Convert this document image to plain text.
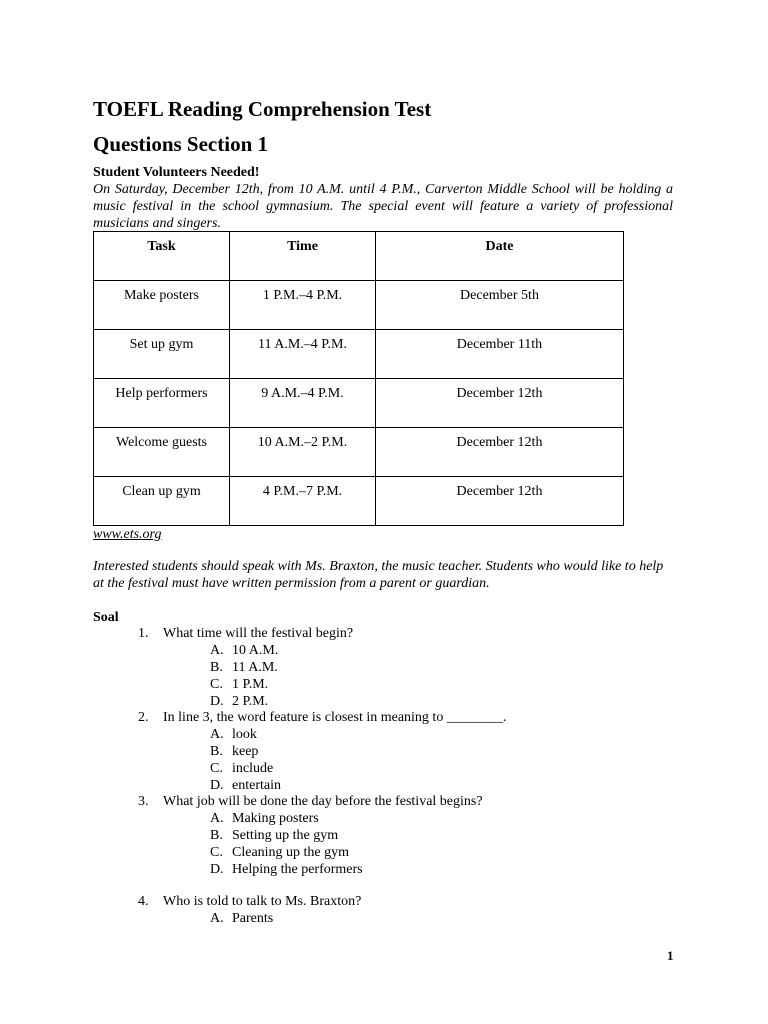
TOEFL Reading Comprehension Test
Questions Section 1
Student Volunteers Needed!

On Saturday, December 12th, from 10 A.M. until 4 P.M., Carverton Middle School will be holding a music festival in the school gymnasium. The special event will feature a variety of professional musicians and singers.

Task	Time	Date
Make posters	1 P.M.–4 P.M.	December 5th
Set up gym	11 A.M.–4 P.M.	December 11th
Help performers	9 A.M.–4 P.M.	December 12th
Welcome guests	10 A.M.–2 P.M.	December 12th
Clean up gym	4 P.M.–7 P.M.	December 12th
www.ets.org

Interested students should speak with Ms. Braxton, the music teacher. Students who would like to help at the festival must have written permission from a parent or guardian.

Soal
1. What time will the festival begin?
A. 10 A.M.
B. 11 A.M.
C. 1 P.M.
D. 2 P.M.
2. In line 3, the word feature is closest in meaning to ________.
A. look
B. keep
C. include
D. entertain
3. What job will be done the day before the festival begins?
A. Making posters
B. Setting up the gym
C. Cleaning up the gym
D. Helping the performers
4. Who is told to talk to Ms. Braxton?
A. Parents
1
